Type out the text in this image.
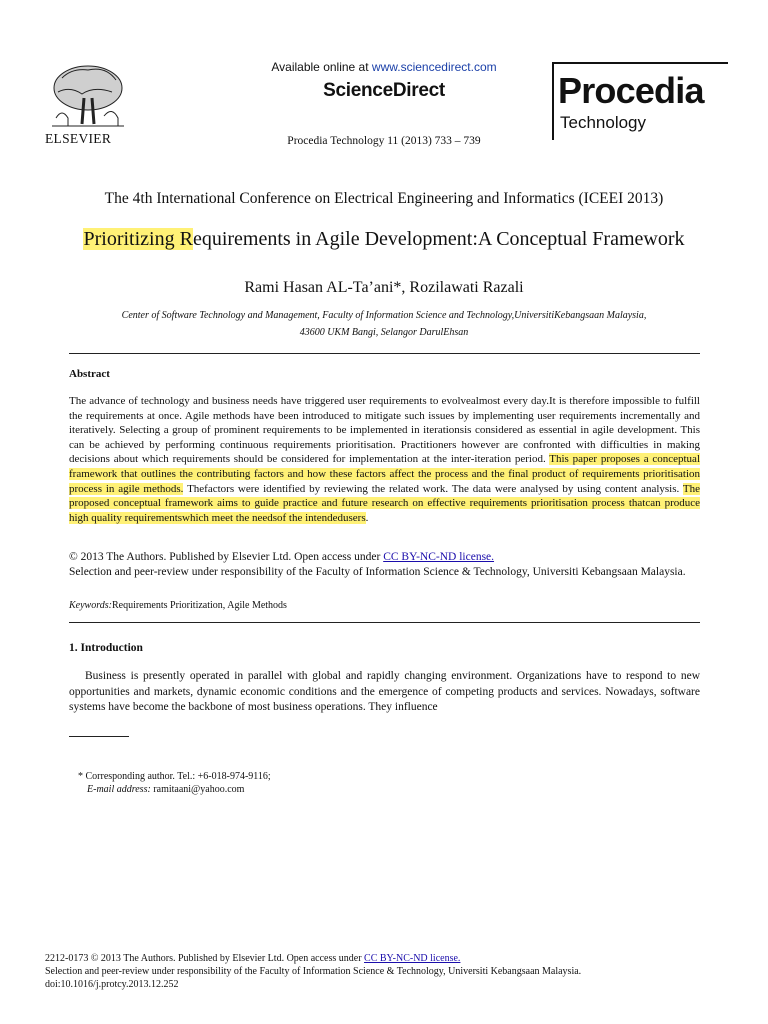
ELSEVIER
Available online at www.sciencedirect.com
ScienceDirect
Procedia Technology 11 (2013) 733 – 739
Procedia
Technology
The 4th International Conference on Electrical Engineering and Informatics (ICEEI 2013)
Prioritizing Requirements in Agile Development:A Conceptual Framework
Rami Hasan AL-Ta’ani*, Rozilawati Razali
Center of Software Technology and Management, Faculty of Information Science and Technology,UniversitiKebangsaan Malaysia,
43600 UKM Bangi, Selangor DarulEhsan
Abstract
The advance of technology and business needs have triggered user requirements to evolvealmost every day.It is therefore impossible to fulfill the requirements at once. Agile methods have been introduced to mitigate such issues by implementing user requirements incrementally and iteratively. Selecting a group of prominent requirements to be implemented in iterationsis considered as essential in agile development. This can be achieved by performing continuous requirements prioritisation. Practitioners however are confronted with difficulties in making decisions about which requirements should be considered for implementation at the inter-iteration period. This paper proposes a conceptual framework that outlines the contributing factors and how these factors affect the process and the final product of requirements prioritisation process in agile methods. Thefactors were identified by reviewing the related work. The data were analysed by using content analysis. The proposed conceptual framework aims to guide practice and future research on effective requirements prioritisation process thatcan produce high quality requirementswhich meet the needsof the intendedusers.
© 2013 The Authors. Published by Elsevier Ltd. Open access under CC BY-NC-ND license.
Selection and peer-review under responsibility of the Faculty of Information Science & Technology, Universiti Kebangsaan Malaysia.
Keywords:Requirements Prioritization, Agile Methods
1. Introduction
Business is presently operated in parallel with global and rapidly changing environment. Organizations have to respond to new opportunities and markets, dynamic economic conditions and the emergence of competing products and services. Nowadays, software systems have become the backbone of most business operations. They influence
* Corresponding author. Tel.: +6-018-974-9116;
E-mail address: ramitaani@yahoo.com
2212-0173 © 2013 The Authors. Published by Elsevier Ltd. Open access under CC BY-NC-ND license.
Selection and peer-review under responsibility of the Faculty of Information Science & Technology, Universiti Kebangsaan Malaysia.
doi:10.1016/j.protcy.2013.12.252
